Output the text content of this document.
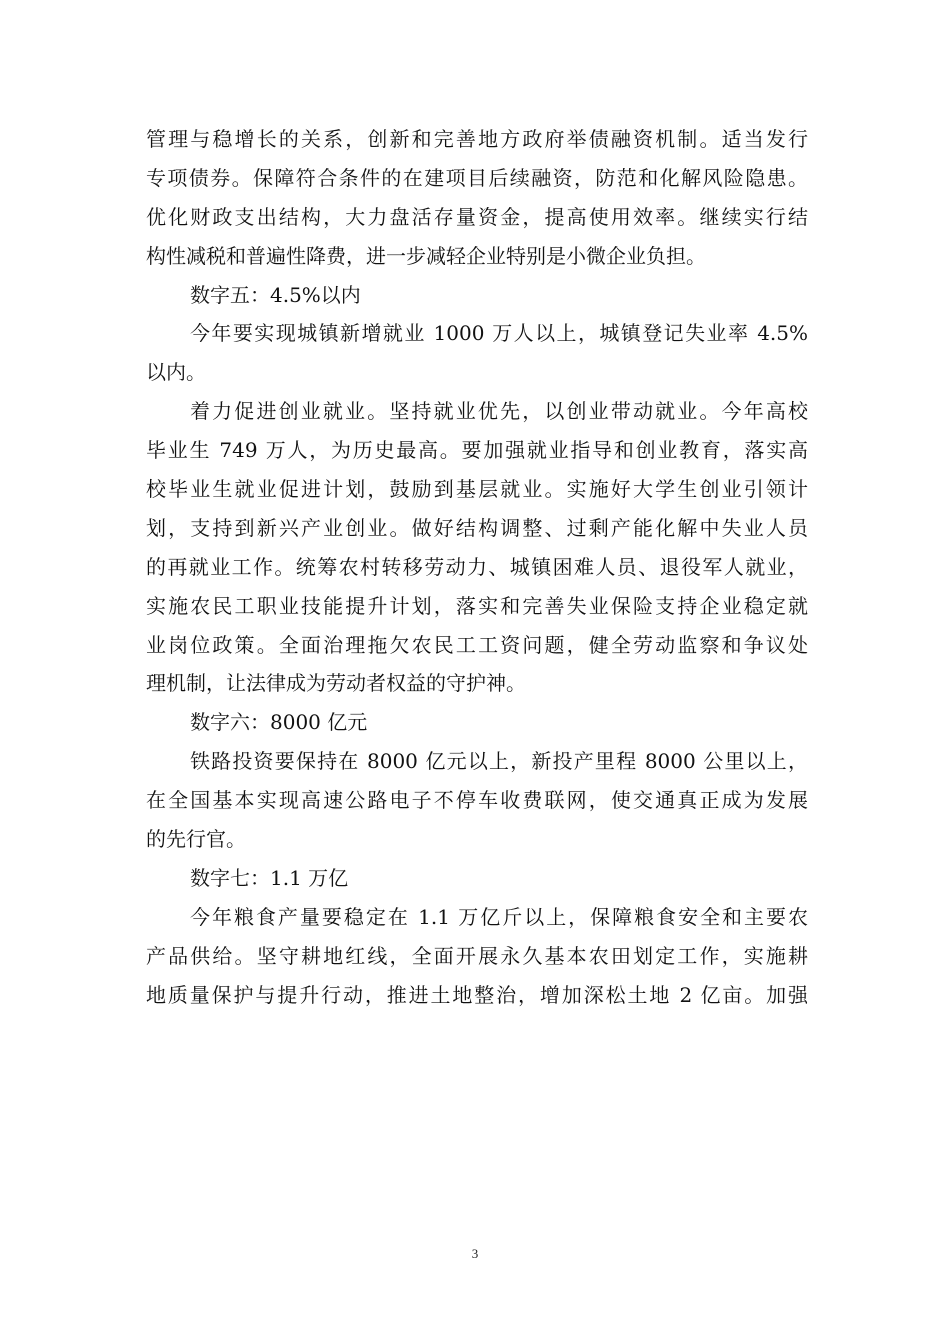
管理与稳增长的关系，创新和完善地方政府举债融资机制。适当发行
专项债券。保障符合条件的在建项目后续融资，防范和化解风险隐患。
优化财政支出结构，大力盘活存量资金，提高使用效率。继续实行结
构性减税和普遍性降费，进一步减轻企业特别是小微企业负担。
数字五：4.5%以内
今年要实现城镇新增就业 1000 万人以上，城镇登记失业率 4.5%
以内。
着力促进创业就业。坚持就业优先，以创业带动就业。今年高校
毕业生 749 万人，为历史最高。要加强就业指导和创业教育，落实高
校毕业生就业促进计划，鼓励到基层就业。实施好大学生创业引领计
划，支持到新兴产业创业。做好结构调整、过剩产能化解中失业人员
的再就业工作。统筹农村转移劳动力、城镇困难人员、退役军人就业，
实施农民工职业技能提升计划，落实和完善失业保险支持企业稳定就
业岗位政策。全面治理拖欠农民工工资问题，健全劳动监察和争议处
理机制，让法律成为劳动者权益的守护神。
数字六：8000 亿元
铁路投资要保持在 8000 亿元以上，新投产里程 8000 公里以上，
在全国基本实现高速公路电子不停车收费联网，使交通真正成为发展
的先行官。
数字七：1.1 万亿
今年粮食产量要稳定在 1.1 万亿斤以上，保障粮食安全和主要农
产品供给。坚守耕地红线，全面开展永久基本农田划定工作，实施耕
地质量保护与提升行动，推进土地整治，增加深松土地 2 亿亩。加强
3
